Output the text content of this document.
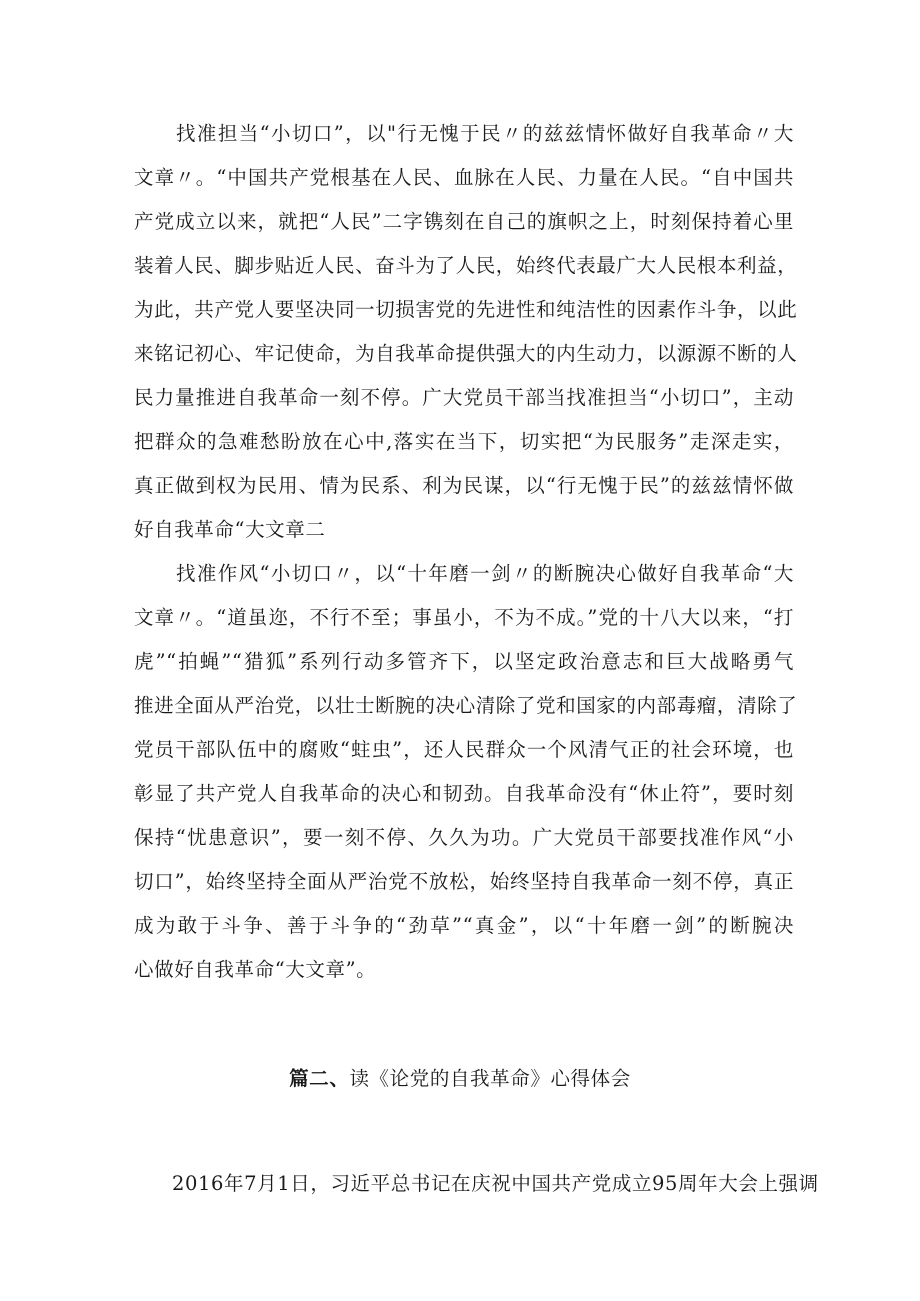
找准担当“小切口”，以"行无愧于民〃的兹兹情怀做好自我革命〃大
文章〃。“中国共产党根基在人民、血脉在人民、力量在人民。“自中国共
产党成立以来，就把“人民”二字镌刻在自己的旗帜之上，时刻保持着心里
装着人民、脚步贴近人民、奋斗为了人民，始终代表最广大人民根本利益，
为此，共产党人要坚决同一切损害党的先进性和纯洁性的因素作斗争，以此
来铭记初心、牢记使命，为自我革命提供强大的内生动力，以源源不断的人
民力量推进自我革命一刻不停。广大党员干部当找准担当“小切口”，主动
把群众的急难愁盼放在心中,落实在当下，切实把“为民服务”走深走实，
真正做到权为民用、情为民系、利为民谋，以“行无愧于民”的兹兹情怀做
好自我革命“大文章二
找准作风“小切口〃，以“十年磨一剑〃的断腕决心做好自我革命“大
文章〃。“道虽迩，不行不至；事虽小，不为不成。”党的十八大以来，“打
虎”“拍蝇”“猎狐”系列行动多管齐下，以坚定政治意志和巨大战略勇气
推进全面从严治党，以壮士断腕的决心清除了党和国家的内部毒瘤，清除了
党员干部队伍中的腐败“蛀虫”，还人民群众一个风清气正的社会环境，也
彰显了共产党人自我革命的决心和韧劲。自我革命没有“休止符”，要时刻
保持“忧患意识”，要一刻不停、久久为功。广大党员干部要找准作风“小
切口”，始终坚持全面从严治党不放松，始终坚持自我革命一刻不停，真正
成为敢于斗争、善于斗争的“劲草”“真金”，以“十年磨一剑”的断腕决
心做好自我革命“大文章”。
篇二、读《论党的自我革命》心得体会
2016年7月1日，习近平总书记在庆祝中国共产党成立95周年大会上强调
